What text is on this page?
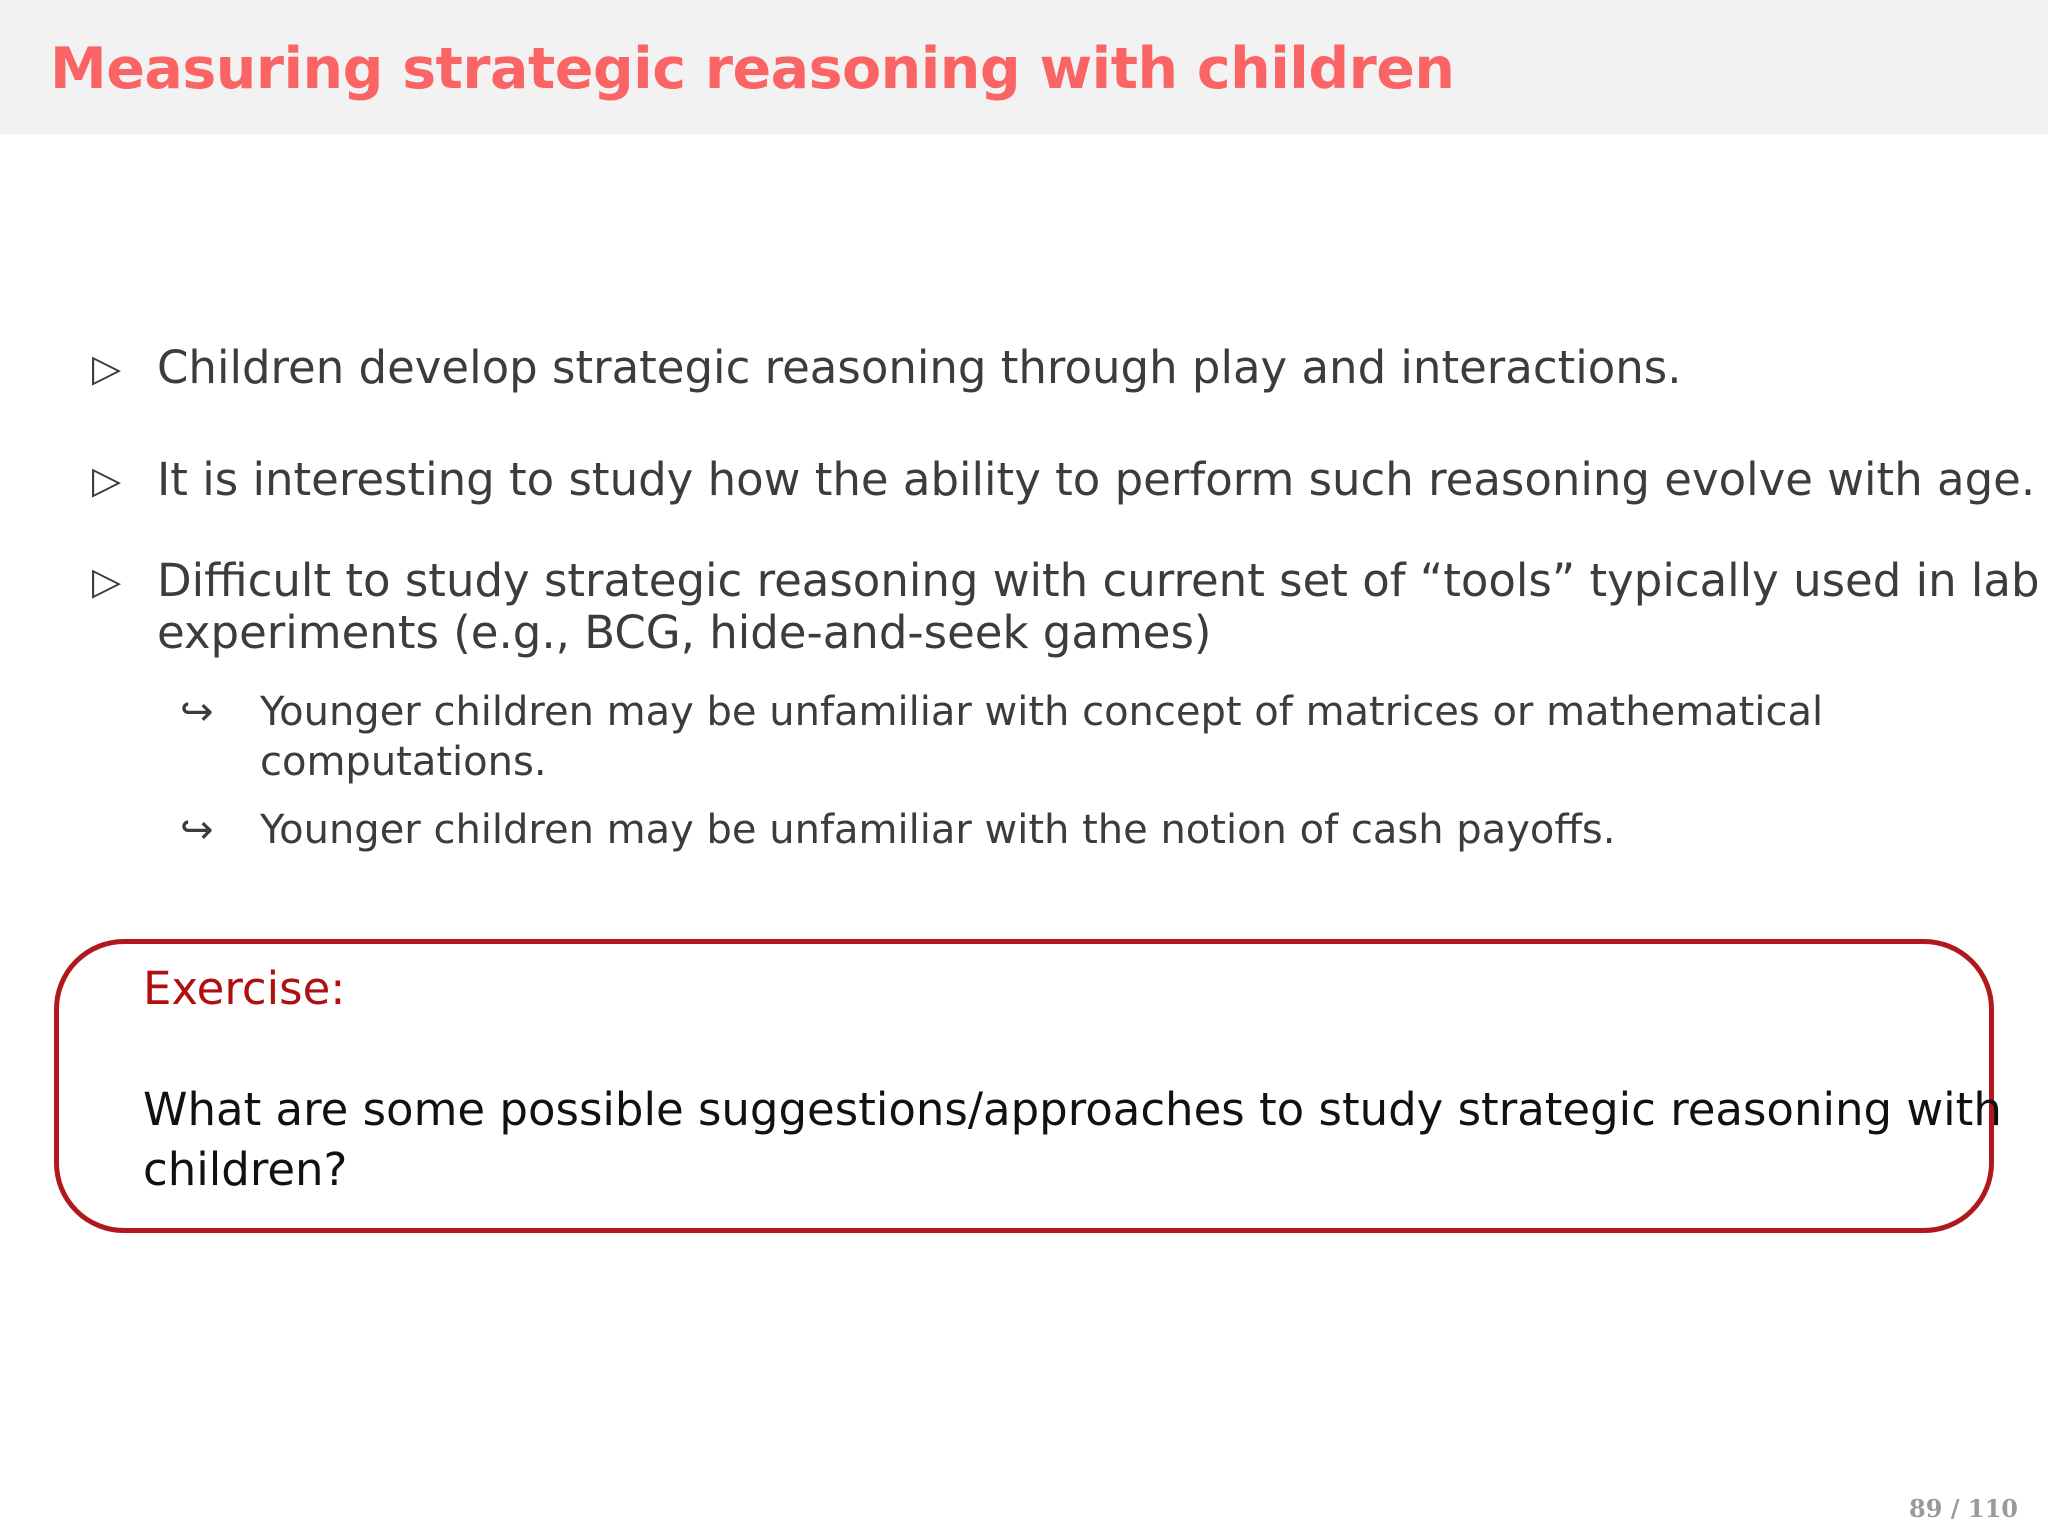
Measuring strategic reasoning with children
▷ Children develop strategic reasoning through play and interactions.
▷ It is interesting to study how the ability to perform such reasoning evolve with age.
▷ Difficult to study strategic reasoning with current set of “tools” typically used in lab
experiments (e.g., BCG, hide-and-seek games)
↪ Younger children may be unfamiliar with concept of matrices or mathematical
computations.
↪ Younger children may be unfamiliar with the notion of cash payoffs.
Exercise:
What are some possible suggestions/approaches to study strategic reasoning with
children?
89 / 110
